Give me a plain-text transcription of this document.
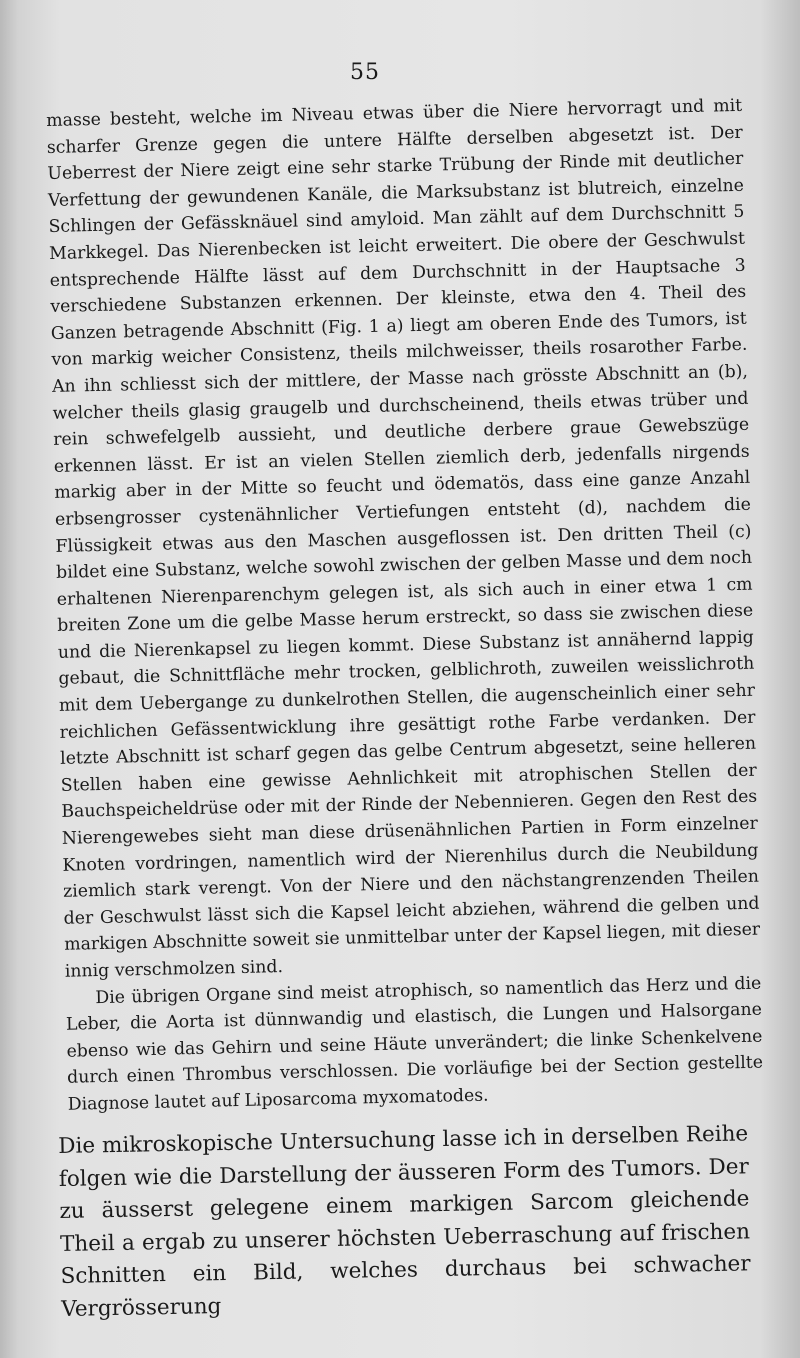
55

masse besteht, welche im Niveau etwas über die Niere hervorragt und mit scharfer Grenze gegen die untere Hälfte derselben abgesetzt ist. Der Ueberrest der Niere zeigt eine sehr starke Trübung der Rinde mit deutlicher Verfettung der gewundenen Kanäle, die Marksubstanz ist blutreich, einzelne Schlingen der Gefässknäuel sind amyloid. Man zählt auf dem Durchschnitt 5 Markkegel. Das Nierenbecken ist leicht erweitert. Die obere der Geschwulst entsprechende Hälfte lässt auf dem Durchschnitt in der Hauptsache 3 verschiedene Substanzen erkennen. Der kleinste, etwa den 4. Theil des Ganzen betragende Abschnitt (Fig. 1 a) liegt am oberen Ende des Tumors, ist von markig weicher Consistenz, theils milchweisser, theils rosarother Farbe. An ihn schliesst sich der mittlere, der Masse nach grösste Abschnitt an (b), welcher theils glasig graugelb und durchscheinend, theils etwas trüber und rein schwefelgelb aussieht, und deutliche derbere graue Gewebszüge erkennen lässt. Er ist an vielen Stellen ziemlich derb, jedenfalls nirgends markig aber in der Mitte so feucht und ödematös, dass eine ganze Anzahl erbsengrosser cystenähnlicher Vertiefungen entsteht (d), nachdem die Flüssigkeit etwas aus den Maschen ausgeflossen ist. Den dritten Theil (c) bildet eine Substanz, welche sowohl zwischen der gelben Masse und dem noch erhaltenen Nierenparenchym gelegen ist, als sich auch in einer etwa 1 cm breiten Zone um die gelbe Masse herum erstreckt, so dass sie zwischen diese und die Nierenkapsel zu liegen kommt. Diese Substanz ist annähernd lappig gebaut, die Schnittfläche mehr trocken, gelblichroth, zuweilen weisslichroth mit dem Uebergange zu dunkelrothen Stellen, die augenscheinlich einer sehr reichlichen Gefässentwicklung ihre gesättigt rothe Farbe verdanken. Der letzte Abschnitt ist scharf gegen das gelbe Centrum abgesetzt, seine helleren Stellen haben eine gewisse Aehnlichkeit mit atrophischen Stellen der Bauchspeicheldrüse oder mit der Rinde der Nebennieren. Gegen den Rest des Nierengewebes sieht man diese drüsenähnlichen Partien in Form einzelner Knoten vordringen, namentlich wird der Nierenhilus durch die Neubildung ziemlich stark verengt. Von der Niere und den nächstangrenzenden Theilen der Geschwulst lässt sich die Kapsel leicht abziehen, während die gelben und markigen Abschnitte soweit sie unmittelbar unter der Kapsel liegen, mit dieser innig verschmolzen sind.

Die übrigen Organe sind meist atrophisch, so namentlich das Herz und die Leber, die Aorta ist dünnwandig und elastisch, die Lungen und Halsorgane ebenso wie das Gehirn und seine Häute unverändert; die linke Schenkelvene durch einen Thrombus verschlossen. Die vorläufige bei der Section gestellte Diagnose lautet auf Liposarcoma myxomatodes.

Die mikroskopische Untersuchung lasse ich in derselben Reihe folgen wie die Darstellung der äusseren Form des Tumors. Der zu äusserst gelegene einem markigen Sarcom gleichende Theil a ergab zu unserer höchsten Ueberraschung auf frischen Schnitten ein Bild, welches durchaus bei schwacher Vergrösserung
